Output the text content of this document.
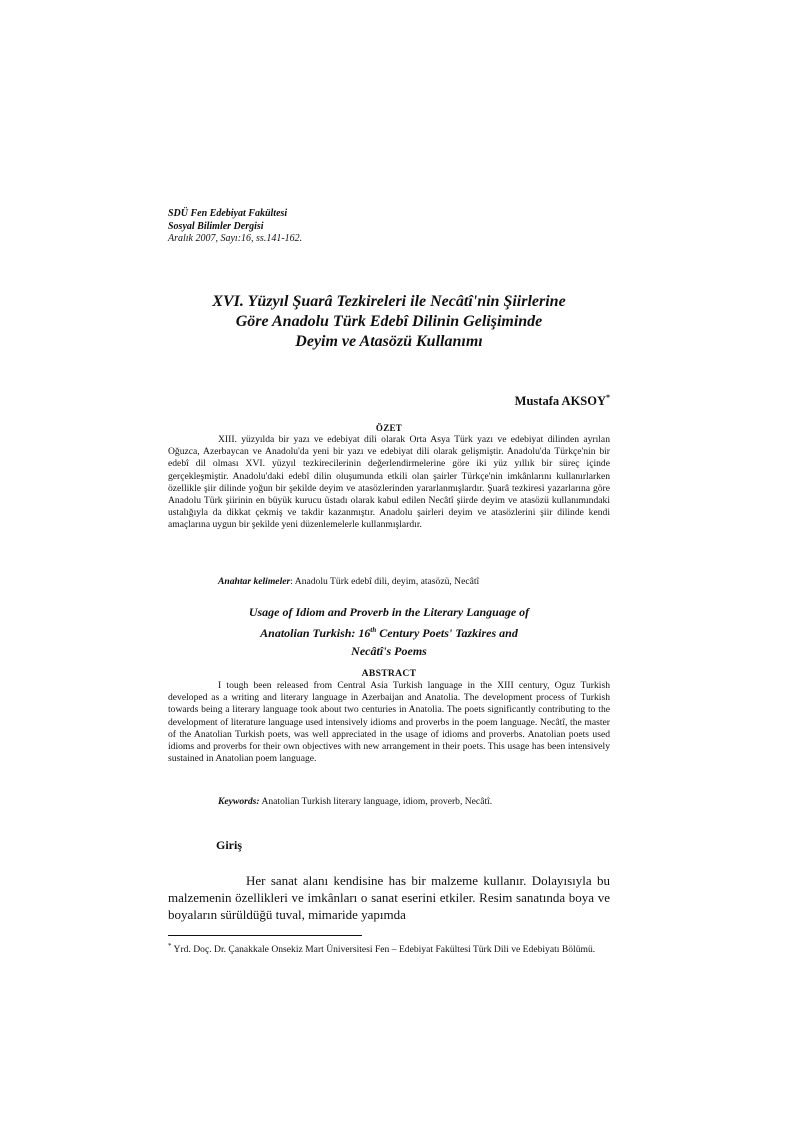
SDÜ Fen Edebiyat Fakültesi
Sosyal Bilimler Dergisi
Aralık 2007, Sayı:16, ss.141-162.
XVI. Yüzyıl Şuarâ Tezkireleri ile Necâtî'nin Şiirlerine
Göre Anadolu Türk Edebî Dilinin Gelişiminde
Deyim ve Atasözü Kullanımı
Mustafa AKSOY*
ÖZET

XIII. yüzyılda bir yazı ve edebiyat dili olarak Orta Asya Türk yazı ve edebiyat dilinden ayrılan Oğuzca, Azerbaycan ve Anadolu'da yeni bir yazı ve edebiyat dili olarak gelişmiştir. Anadolu'da Türkçe'nin bir edebî dil olması XVI. yüzyıl tezkirecilerinin değerlendirmelerine göre iki yüz yıllık bir süreç içinde gerçekleşmiştir. Anadolu'daki edebî dilin oluşumunda etkili olan şairler Türkçe'nin imkânlarını kullanırlarken özellikle şiir dilinde yoğun bir şekilde deyim ve atasözlerinden yararlanmışlardır. Şuarâ tezkiresi yazarlarına göre Anadolu Türk şiirinin en büyük kurucu üstadı olarak kabul edilen Necâtî şiirde deyim ve atasözü kullanımındaki ustalığıyla da dikkat çekmiş ve takdir kazanmıştır. Anadolu şairleri deyim ve atasözlerini şiir dilinde kendi amaçlarına uygun bir şekilde yeni düzenlemelerle kullanmışlardır.

Anahtar kelimeler: Anadolu Türk edebî dili, deyim, atasözü, Necâtî
Usage of Idiom and Proverb in the Literary Language of
Anatolian Turkish: 16th Century Poets' Tazkires and
Necâtî's Poems
ABSTRACT

I tough been released from Central Asia Turkish language in the XIII century, Oguz Turkish developed as a writing and literary language in Azerbaijan and Anatolia. The development process of Turkish towards being a literary language took about two centuries in Anatolia. The poets significantly contributing to the development of literature language used intensively idioms and proverbs in the poem language. Necâtî, the master of the Anatolian Turkish poets, was well appreciated in the usage of idioms and proverbs. Anatolian poets used idioms and proverbs for their own objectives with new arrangement in their poets. This usage has been intensively sustained in Anatolian poem language.

Keywords: Anatolian Turkish literary language, idiom, proverb, Necâtî.
Giriş

Her sanat alanı kendisine has bir malzeme kullanır. Dolayısıyla bu malzemenin özellikleri ve imkânları o sanat eserini etkiler. Resim sanatında boya ve boyaların sürüldüğü tuval, mimaride yapımda

* Yrd. Doç. Dr. Çanakkale Onsekiz Mart Üniversitesi Fen – Edebiyat Fakültesi Türk Dili ve Edebiyatı Bölümü.
